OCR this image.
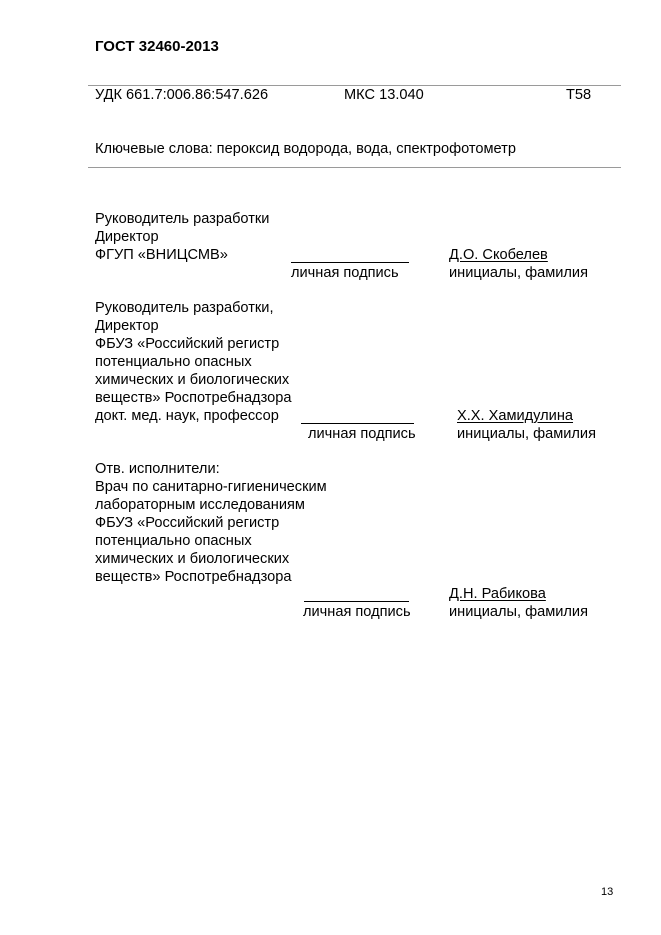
ГОСТ 32460-2013
УДК 661.7:006.86:547.626	МКС 13.040	Т58
Ключевые слова: пероксид водорода, вода, спектрофотометр
Руководитель разработки
Директор
ФГУП «ВНИЦСМВ»	Д.О. Скобелев
личная подпись	инициалы, фамилия
Руководитель разработки,
Директор
ФБУЗ «Российский регистр
потенциально опасных
химических и биологических
веществ» Роспотребнадзора
докт. мед. наук, профессор	Х.Х. Хамидулина
личная подпись	инициалы, фамилия
Отв. исполнители:
Врач по санитарно-гигиеническим
лабораторным исследованиям
ФБУЗ «Российский регистр
потенциально опасных
химических и биологических
веществ» Роспотребнадзора
Д.Н. Рабикова
личная подпись	инициалы, фамилия
13
